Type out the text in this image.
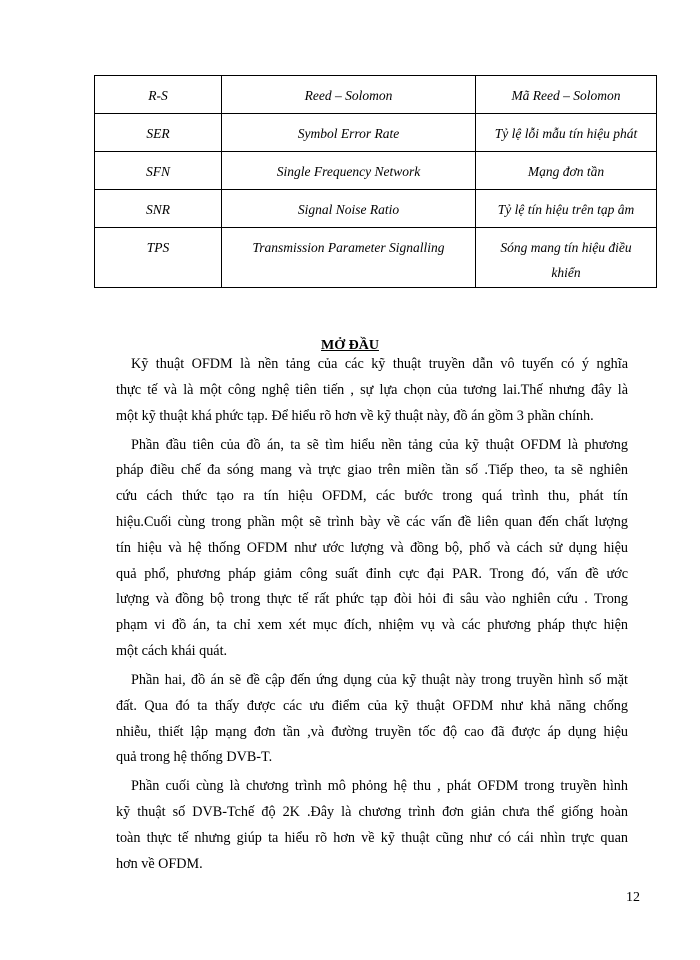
R-S	Reed – Solomon	Mã Reed – Solomon
SER	Symbol Error Rate	Tỷ lệ lỗi mẫu tín hiệu phát
SFN	Single Frequency Network	Mạng đơn tần
SNR	Signal Noise Ratio	Tỷ lệ tín hiệu trên tạp âm
TPS	Transmission Parameter Signalling	Sóng mang tín hiệu điều
khiển
MỞ ĐẦU
Kỹ thuật OFDM là nền tảng của các kỹ thuật truyền dẫn vô tuyến có ý nghĩa
thực tế và là một công nghệ tiên tiến , sự lựa chọn của tương lai.Thế nhưng đây là
một kỹ thuật khá phức tạp. Để hiểu rõ hơn về kỹ thuật này, đồ án gồm 3 phần chính.
Phần đầu tiên của đồ án, ta sẽ tìm hiểu nền tảng của kỹ thuật OFDM là phương
pháp điều chế đa sóng mang và trực giao trên miền tần số .Tiếp theo, ta sẽ nghiên
cứu cách thức tạo ra tín hiệu OFDM, các bước trong quá trình thu, phát tín
hiệu.Cuối cùng trong phần một sẽ trình bày về các vấn đề liên quan đến chất lượng
tín hiệu và hệ thống OFDM như ước lượng và đồng bộ, phổ và cách sử dụng hiệu
quả phổ, phương pháp giảm công suất đỉnh cực đại PAR. Trong đó, vấn đề ước
lượng và đồng bộ trong thực tế rất phức tạp đòi hỏi đi sâu vào nghiên cứu . Trong
phạm vi đồ án, ta chỉ xem xét mục đích, nhiệm vụ và các phương pháp thực hiện
một cách khái quát.
Phần hai, đồ án sẽ đề cập đến ứng dụng của kỹ thuật này trong truyền hình số mặt
đất. Qua đó ta thấy được các ưu điểm của kỹ thuật OFDM như khả năng chống
nhiễu, thiết lập mạng đơn tần ,và đường truyền tốc độ cao đã được áp dụng hiệu
quả trong hệ thống DVB-T.
Phần cuối cùng là chương trình mô phỏng hệ thu , phát OFDM trong truyền hình
kỹ thuật số DVB-Tchế độ 2K .Đây là chương trình đơn giản chưa thể giống hoàn
toàn thực tế nhưng giúp ta hiểu rõ hơn về kỹ thuật cũng như có cái nhìn trực quan
hơn về OFDM.
12
